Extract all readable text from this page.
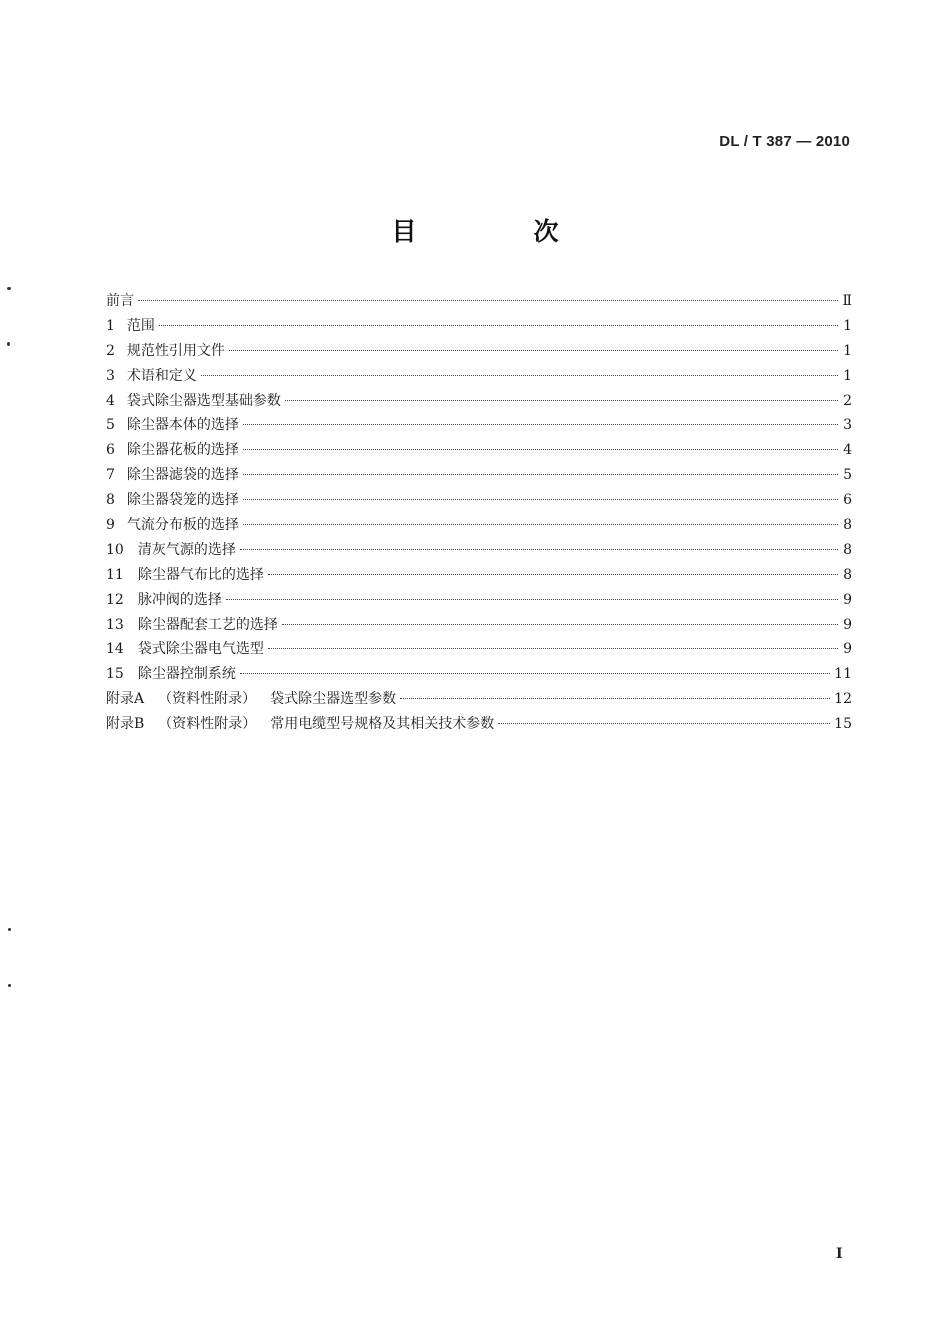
DL / T 387 — 2010
目　次
前言	Ⅱ
1 范围	1
2 规范性引用文件	1
3 术语和定义	1
4 袋式除尘器选型基础参数	2
5 除尘器本体的选择	3
6 除尘器花板的选择	4
7 除尘器滤袋的选择	5
8 除尘器袋笼的选择	6
9 气流分布板的选择	8
10 清灰气源的选择	8
11 除尘器气布比的选择	8
12 脉冲阀的选择	9
13 除尘器配套工艺的选择	9
14 袋式除尘器电气选型	9
15 除尘器控制系统	11
附录A （资料性附录） 袋式除尘器选型参数	12
附录B （资料性附录） 常用电缆型号规格及其相关技术参数	15
I
